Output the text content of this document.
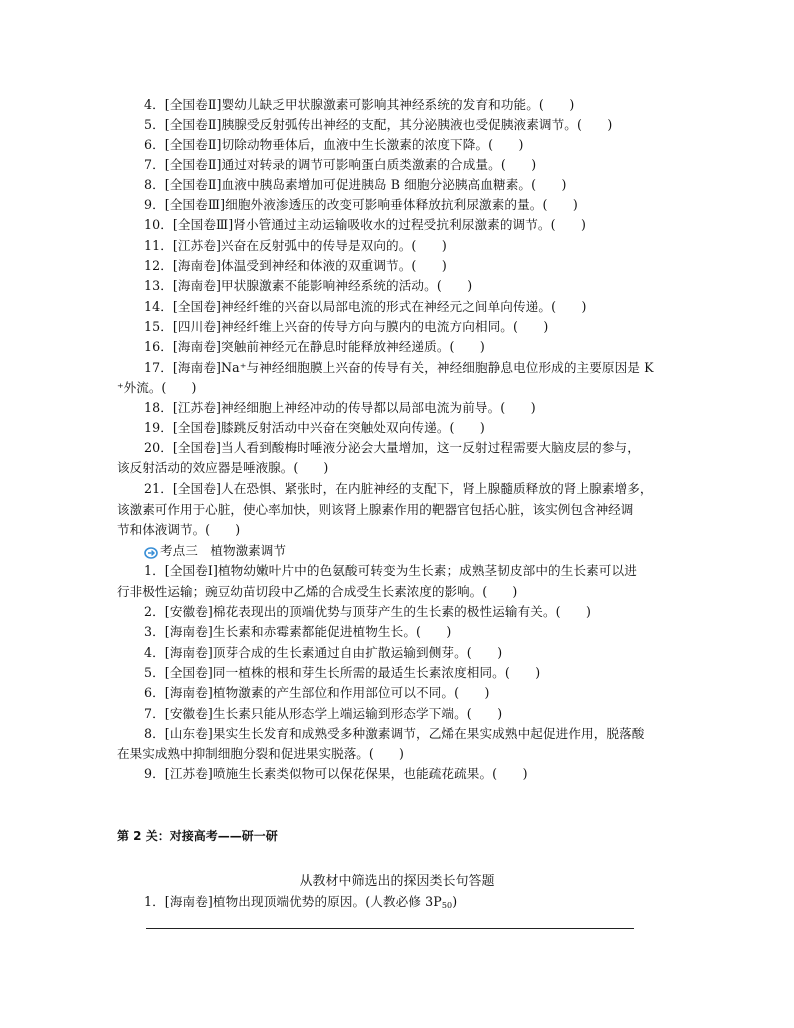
4．[全国卷Ⅱ]婴幼儿缺乏甲状腺激素可影响其神经系统的发育和功能。(　　)
5．[全国卷Ⅱ]胰腺受反射弧传出神经的支配，其分泌胰液也受促胰液素调节。(　　)
6．[全国卷Ⅱ]切除动物垂体后，血液中生长激素的浓度下降。(　　)
7．[全国卷Ⅱ]通过对转录的调节可影响蛋白质类激素的合成量。(　　)
8．[全国卷Ⅱ]血液中胰岛素增加可促进胰岛 B 细胞分泌胰高血糖素。(　　)
9．[全国卷Ⅲ]细胞外液渗透压的改变可影响垂体释放抗利尿激素的量。(　　)
10．[全国卷Ⅲ]肾小管通过主动运输吸收水的过程受抗利尿激素的调节。(　　)
11．[江苏卷]兴奋在反射弧中的传导是双向的。(　　)
12．[海南卷]体温受到神经和体液的双重调节。(　　)
13．[海南卷]甲状腺激素不能影响神经系统的活动。(　　)
14．[全国卷]神经纤维的兴奋以局部电流的形式在神经元之间单向传递。(　　)
15．[四川卷]神经纤维上兴奋的传导方向与膜内的电流方向相同。(　　)
16．[海南卷]突触前神经元在静息时能释放神经递质。(　　)
17．[海南卷]Na⁺与神经细胞膜上兴奋的传导有关，神经细胞静息电位形成的主要原因是 K
⁺外流。(　　)
18．[江苏卷]神经细胞上神经冲动的传导都以局部电流为前导。(　　)
19．[全国卷]膝跳反射活动中兴奋在突触处双向传递。(　　)
20．[全国卷]当人看到酸梅时唾液分泌会大量增加，这一反射过程需要大脑皮层的参与，
该反射活动的效应器是唾液腺。(　　)
21．[全国卷]人在恐惧、紧张时，在内脏神经的支配下，肾上腺髓质释放的肾上腺素增多，
该激素可作用于心脏，使心率加快，则该肾上腺素作用的靶器官包括心脏，该实例包含神经调
节和体液调节。(　　)
考点三　植物激素调节
1．[全国卷Ⅰ]植物幼嫩叶片中的色氨酸可转变为生长素；成熟茎韧皮部中的生长素可以进
行非极性运输；豌豆幼苗切段中乙烯的合成受生长素浓度的影响。(　　)
2．[安徽卷]棉花表现出的顶端优势与顶芽产生的生长素的极性运输有关。(　　)
3．[海南卷]生长素和赤霉素都能促进植物生长。(　　)
4．[海南卷]顶芽合成的生长素通过自由扩散运输到侧芽。(　　)
5．[全国卷]同一植株的根和芽生长所需的最适生长素浓度相同。(　　)
6．[海南卷]植物激素的产生部位和作用部位可以不同。(　　)
7．[安徽卷]生长素只能从形态学上端运输到形态学下端。(　　)
8．[山东卷]果实生长发育和成熟受多种激素调节，乙烯在果实成熟中起促进作用，脱落酸
在果实成熟中抑制细胞分裂和促进果实脱落。(　　)
9．[江苏卷]喷施生长素类似物可以保花保果，也能疏花疏果。(　　)
第 2 关：对接高考——研一研
从教材中筛选出的探因类长句答题
1．[海南卷]植物出现顶端优势的原因。(人教必修 $3P_{50}$)
